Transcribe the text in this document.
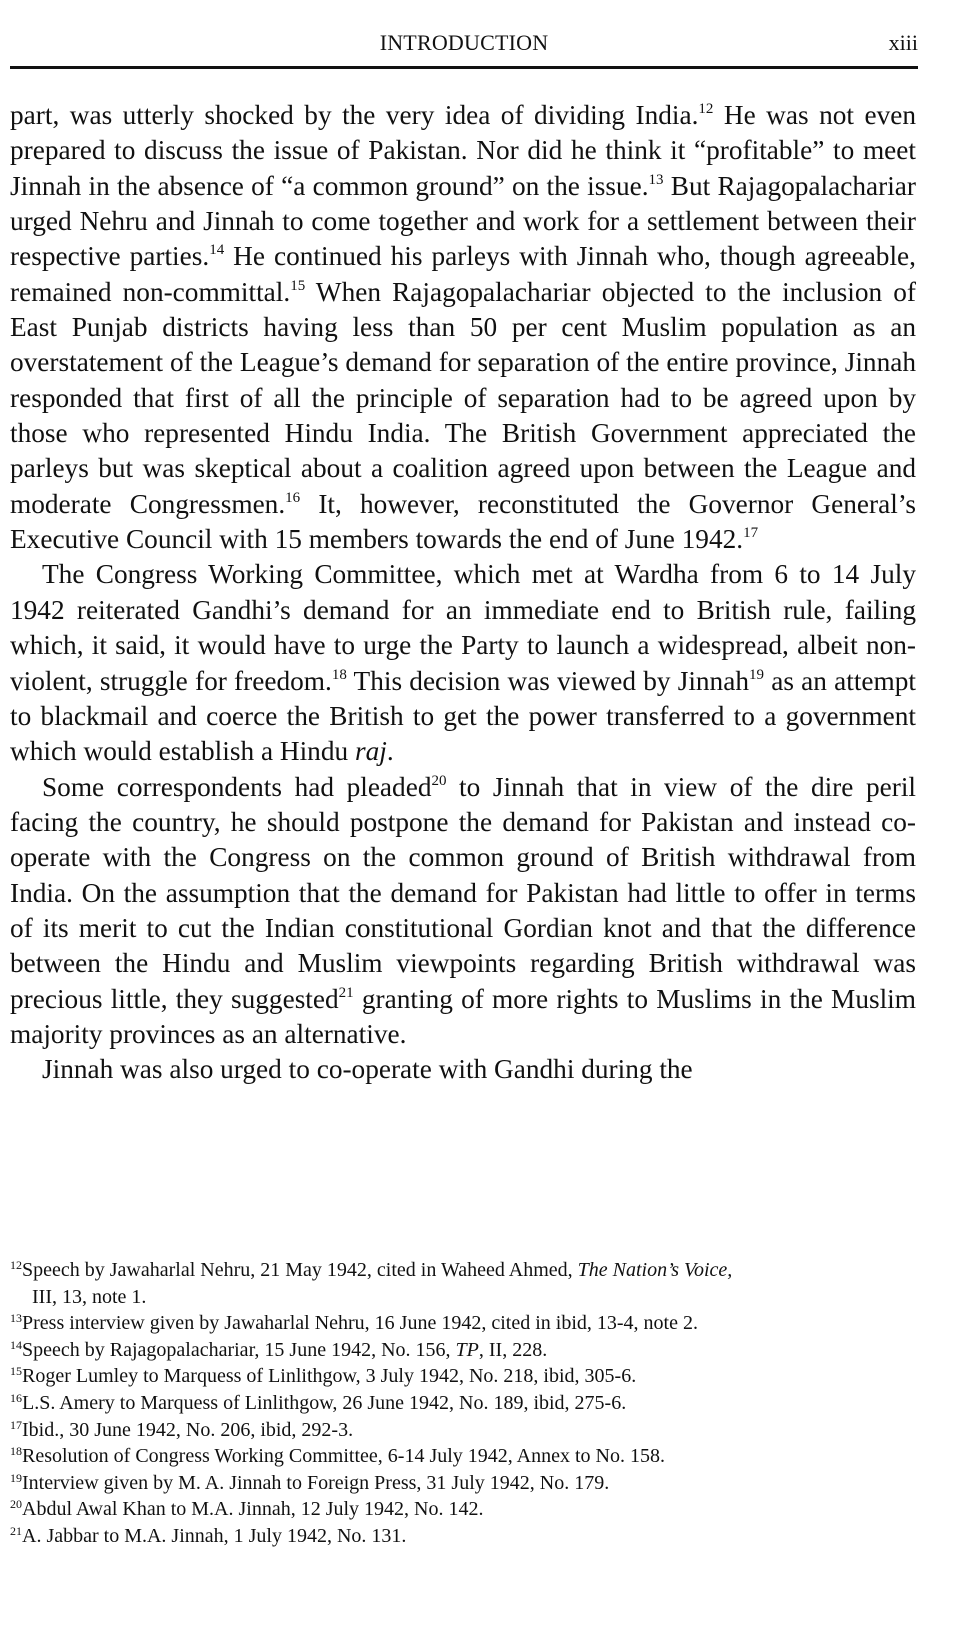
INTRODUCTION	xiii

part, was utterly shocked by the very idea of dividing India.$^{12}$ He was not even prepared to discuss the issue of Pakistan. Nor did he think it “profitable” to meet Jinnah in the absence of “a common ground” on the issue.$^{13}$ But Rajagopalachariar urged Nehru and Jinnah to come together and work for a settlement between their respective parties.$^{14}$ He continued his parleys with Jinnah who, though agreeable, remained non-committal.$^{15}$ When Rajagopalachariar objected to the inclusion of East Punjab districts having less than 50 per cent Muslim population as an overstatement of the League’s demand for separation of the entire province, Jinnah responded that first of all the principle of separation had to be agreed upon by those who represented Hindu India. The British Government appreciated the parleys but was skeptical about a coalition agreed upon between the League and moderate Congressmen.$^{16}$ It, however, reconstituted the Governor General’s Executive Council with 15 members towards the end of June 1942.17

The Congress Working Committee, which met at Wardha from 6 to 14 July 1942 reiterated Gandhi’s demand for an immediate end to British rule, failing which, it said, it would have to urge the Party to launch a widespread, albeit non-violent, struggle for freedom.$^{18}$ This decision was viewed by Jinnah$^{19}$ as an attempt to blackmail and coerce the British to get the power transferred to a government which would establish a Hindu raj.

Some correspondents had pleaded$^{20}$ to Jinnah that in view of the dire peril facing the country, he should postpone the demand for Pakistan and instead co-operate with the Congress on the common ground of British withdrawal from India. On the assumption that the demand for Pakistan had little to offer in terms of its merit to cut the Indian constitutional Gordian knot and that the difference between the Hindu and Muslim viewpoints regarding British withdrawal was precious little, they suggested$^{21}$ granting of more rights to Muslims in the Muslim majority provinces as an alternative.

Jinnah was also urged to co-operate with Gandhi during the

$^{12}$Speech by Jawaharlal Nehru, 21 May 1942, cited in Waheed Ahmed, The Nation’s Voice,
III, 13, note 1.
$^{13}$Press interview given by Jawaharlal Nehru, 16 June 1942, cited in ibid, 13-4, note 2.
$^{14}$Speech by Rajagopalachariar, 15 June 1942, No. 156, TP, II, 228.
$^{15}$Roger Lumley to Marquess of Linlithgow, 3 July 1942, No. 218, ibid, 305-6.
$^{16}$L.S. Amery to Marquess of Linlithgow, 26 June 1942, No. 189, ibid, 275-6.
$^{17}$Ibid., 30 June 1942, No. 206, ibid, 292-3.
$^{18}$Resolution of Congress Working Committee, 6-14 July 1942, Annex to No. 158.
$^{19}$Interview given by M. A. Jinnah to Foreign Press, 31 July 1942, No. 179.
$^{20}$Abdul Awal Khan to M.A. Jinnah, 12 July 1942, No. 142.
$^{21}$A. Jabbar to M.A. Jinnah, 1 July 1942, No. 131.
